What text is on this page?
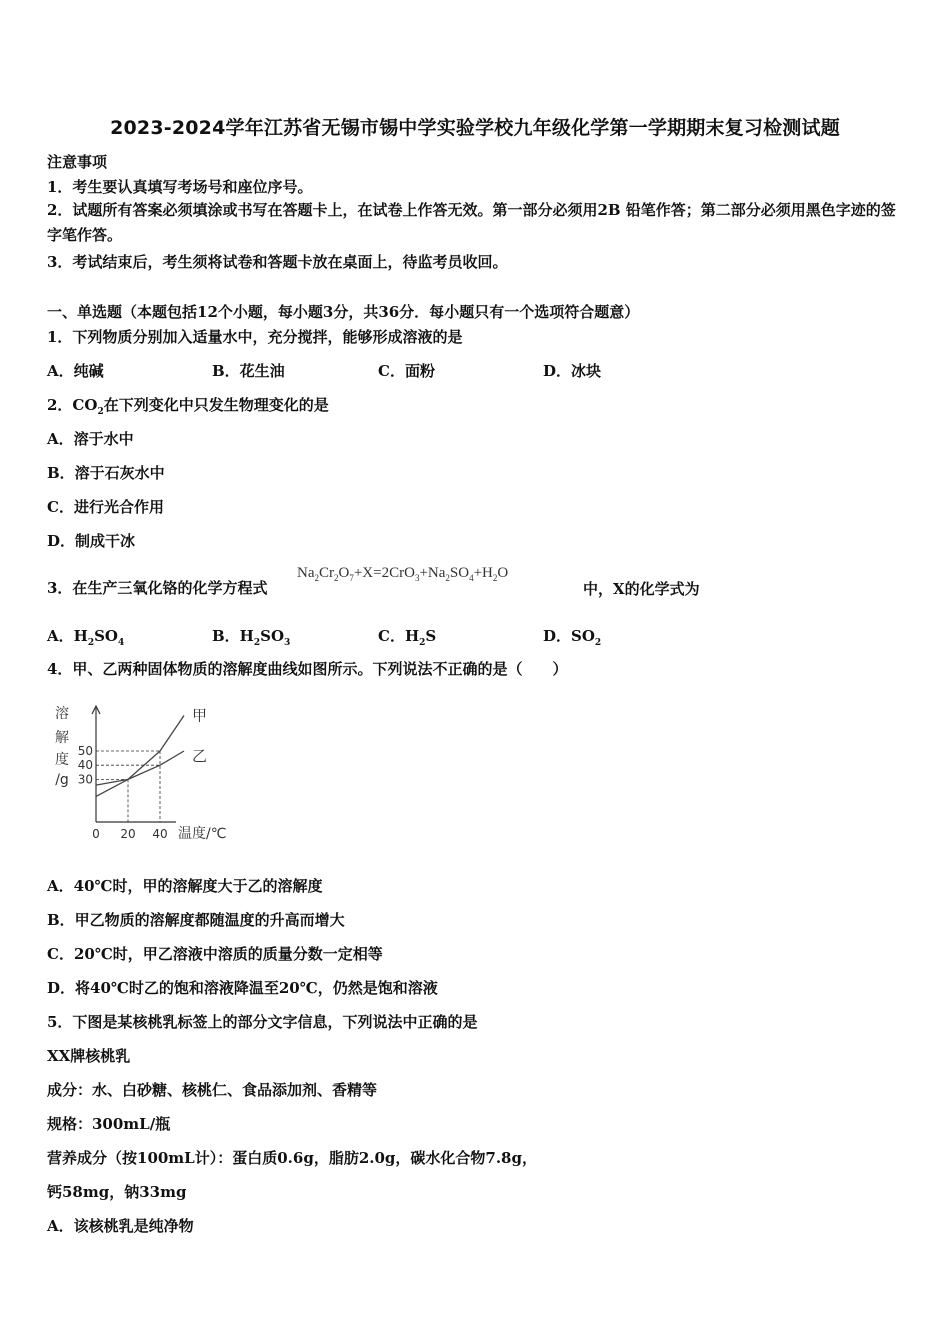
2023-2024学年江苏省无锡市锡中学实验学校九年级化学第一学期期末复习检测试题
注意事项
1．考生要认真填写考场号和座位序号。
2．试题所有答案必须填涂或书写在答题卡上，在试卷上作答无效。第一部分必须用2B 铅笔作答；第二部分必须用黑色字迹的签字笔作答。
3．考试结束后，考生须将试卷和答题卡放在桌面上，待监考员收回。
一、单选题（本题包括12个小题，每小题3分，共36分．每小题只有一个选项符合题意）
1．下列物质分别加入适量水中，充分搅拌，能够形成溶液的是
A．纯碱	B．花生油	C．面粉	D．冰块
2．$CO_2$在下列变化中只发生物理变化的是
A．溶于水中
B．溶于石灰水中
C．进行光合作用
D．制成干冰
3．在生产三氧化铬的化学方程式
$Na_2Cr_2O_7+X=2CrO_3+Na_2SO_4+H_2O$
中，X的化学式为
A．$H_2SO_4$	B．$H_2SO_3$	C．$H_2S$	D．$SO_2$
4．甲、乙两种固体物质的溶解度曲线如图所示。下列说法不正确的是（　　）
溶
解
度
/g 30
40
50
0 20 40 温度/℃
甲
乙
A．40℃时，甲的溶解度大于乙的溶解度
B．甲乙物质的溶解度都随温度的升高而增大
C．20℃时，甲乙溶液中溶质的质量分数一定相等
D．将40℃时乙的饱和溶液降温至20℃，仍然是饱和溶液
5．下图是某核桃乳标签上的部分文字信息，下列说法中正确的是
XX牌核桃乳
成分：水、白砂糖、核桃仁、食品添加剂、香精等
规格：300mL/瓶
营养成分（按100mL计）：蛋白质0.6g，脂肪2.0g，碳水化合物7.8g，
钙58mg，钠33mg
A．该核桃乳是纯净物
